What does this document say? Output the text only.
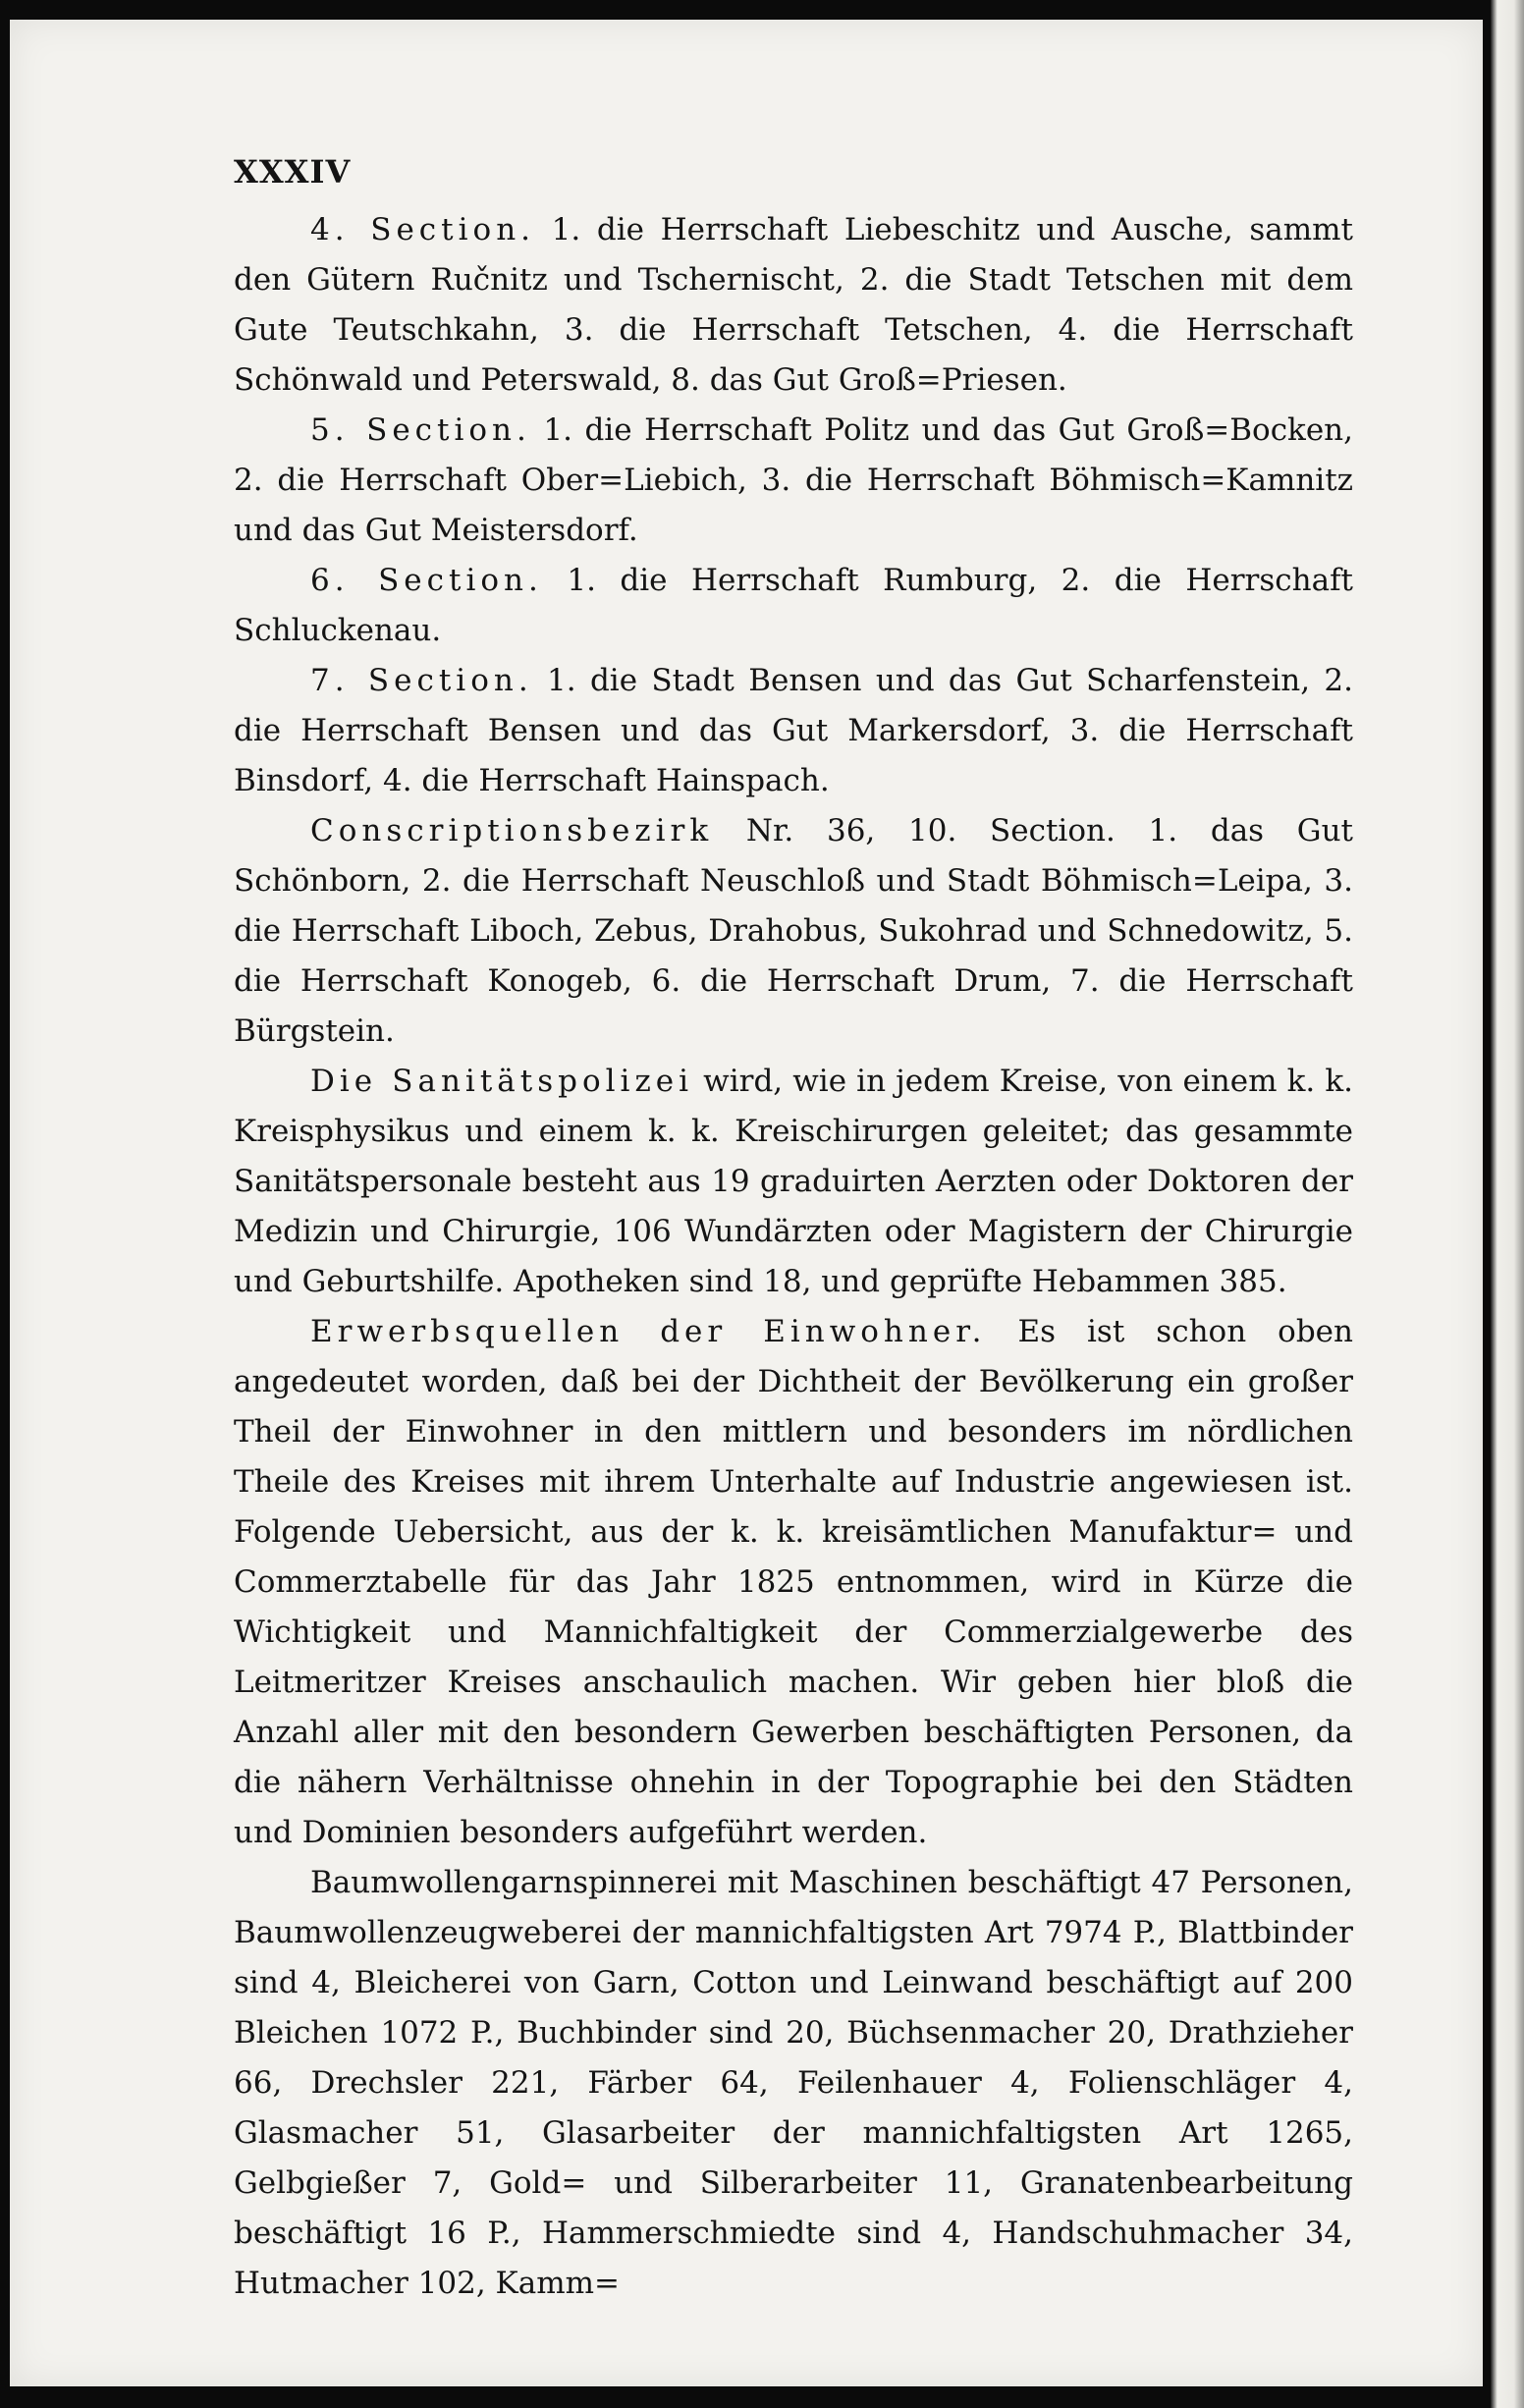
XXXIV

4. Section. 1. die Herrschaft Liebeschitz und Ausche, sammt den Gütern Ručnitz und Tschernischt, 2. die Stadt Tetschen mit dem Gute Teutschkahn, 3. die Herrschaft Tetschen, 4. die Herrschaft Schönwald und Peterswald, 8. das Gut Groß=Priesen.

5. Section. 1. die Herrschaft Politz und das Gut Groß=Bocken, 2. die Herrschaft Ober=Liebich, 3. die Herrschaft Böhmisch=Kamnitz und das Gut Meistersdorf.

6. Section. 1. die Herrschaft Rumburg, 2. die Herrschaft Schluckenau.

7. Section. 1. die Stadt Bensen und das Gut Scharfenstein, 2. die Herrschaft Bensen und das Gut Markersdorf, 3. die Herrschaft Binsdorf, 4. die Herrschaft Hainspach.

Conscriptionsbezirk Nr. 36, 10. Section. 1. das Gut Schönborn, 2. die Herrschaft Neuschloß und Stadt Böhmisch=Leipa, 3. die Herrschaft Liboch, Zebus, Drahobus, Sukohrad und Schnedowitz, 5. die Herrschaft Konogeb, 6. die Herrschaft Drum, 7. die Herrschaft Bürgstein.

Die Sanitätspolizei wird, wie in jedem Kreise, von einem k. k. Kreisphysikus und einem k. k. Kreischirurgen geleitet; das gesammte Sanitätspersonale besteht aus 19 graduirten Aerzten oder Doktoren der Medizin und Chirurgie, 106 Wundärzten oder Magistern der Chirurgie und Geburtshilfe. Apotheken sind 18, und geprüfte Hebammen 385.

Erwerbsquellen der Einwohner. Es ist schon oben angedeutet worden, daß bei der Dichtheit der Bevölkerung ein großer Theil der Einwohner in den mittlern und besonders im nördlichen Theile des Kreises mit ihrem Unterhalte auf Industrie angewiesen ist. Folgende Uebersicht, aus der k. k. kreisämtlichen Manufaktur= und Commerztabelle für das Jahr 1825 entnommen, wird in Kürze die Wichtigkeit und Mannichfaltigkeit der Commerzialgewerbe des Leitmeritzer Kreises anschaulich machen. Wir geben hier bloß die Anzahl aller mit den besondern Gewerben beschäftigten Personen, da die nähern Verhältnisse ohnehin in der Topographie bei den Städten und Dominien besonders aufgeführt werden.

Baumwollengarnspinnerei mit Maschinen beschäftigt 47 Personen, Baumwollenzeugweberei der mannichfaltigsten Art 7974 P., Blattbinder sind 4, Bleicherei von Garn, Cotton und Leinwand beschäftigt auf 200 Bleichen 1072 P., Buchbinder sind 20, Büchsenmacher 20, Drathzieher 66, Drechsler 221, Färber 64, Feilenhauer 4, Folienschläger 4, Glasmacher 51, Glasarbeiter der mannichfaltigsten Art 1265, Gelbgießer 7, Gold= und Silberarbeiter 11, Granatenbearbeitung beschäftigt 16 P., Hammerschmiedte sind 4, Handschuhmacher 34, Hutmacher 102, Kamm=
